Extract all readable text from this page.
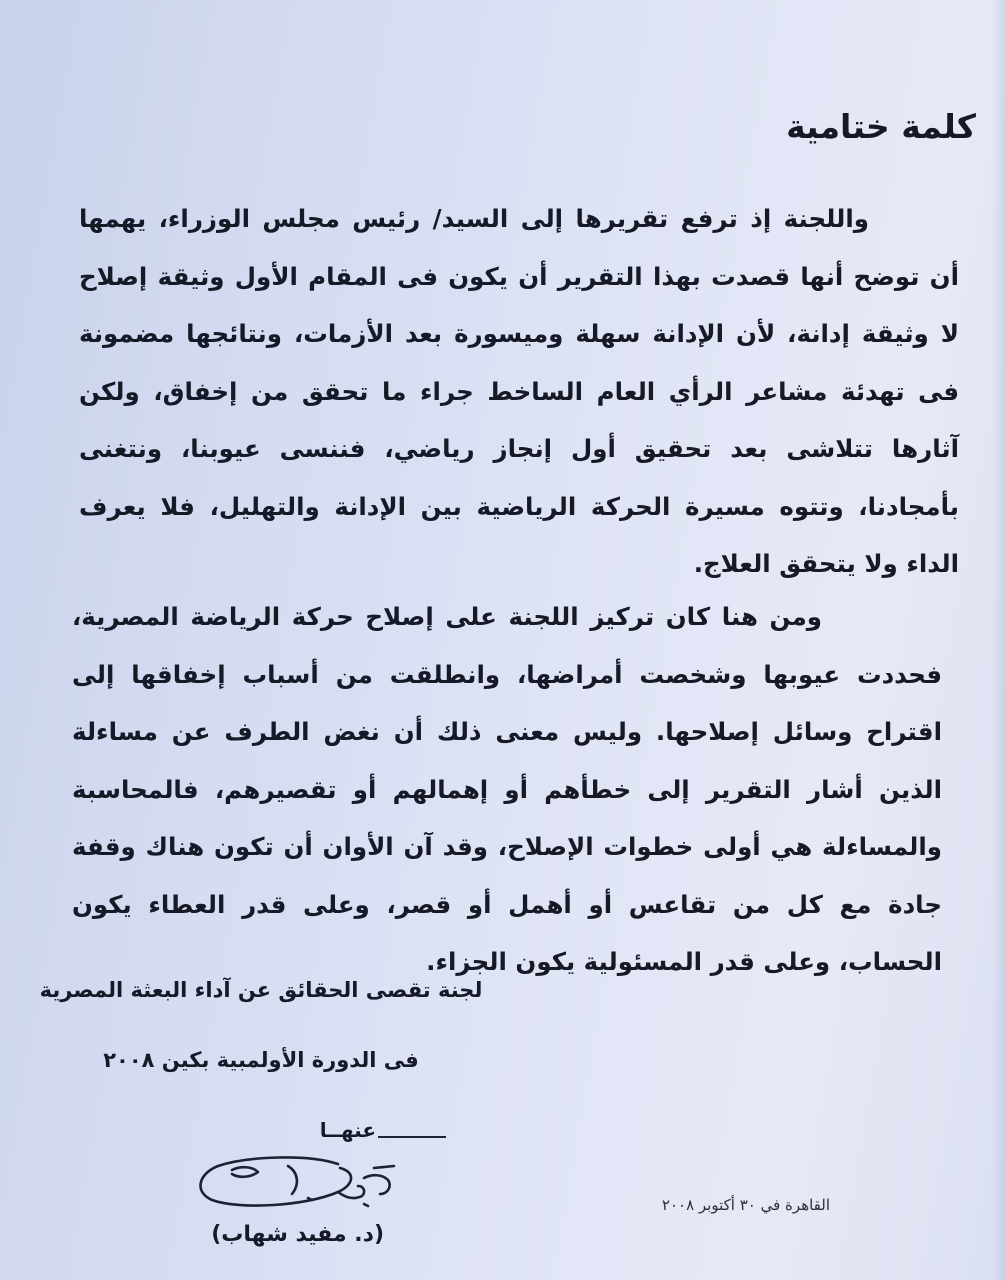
كلمة ختامية

واللجنة إذ ترفع تقريرها إلى السيد/ رئيس مجلس الوزراء، يهمها أن توضح أنها قصدت بهذا التقرير أن يكون فى المقام الأول وثيقة إصلاح لا وثيقة إدانة، لأن الإدانة سهلة وميسورة بعد الأزمات، ونتائجها مضمونة فى تهدئة مشاعر الرأي العام الساخط جراء ما تحقق من إخفاق، ولكن آثارها تتلاشى بعد تحقيق أول إنجاز رياضي، فننسى عيوبنا، ونتغنى بأمجادنا، وتتوه مسيرة الحركة الرياضية بين الإدانة والتهليل، فلا يعرف الداء ولا يتحقق العلاج.

ومن هنا كان تركيز اللجنة على إصلاح حركة الرياضة المصرية، فحددت عيوبها وشخصت أمراضها، وانطلقت من أسباب إخفاقها إلى اقتراح وسائل إصلاحها. وليس معنى ذلك أن نغض الطرف عن مساءلة الذين أشار التقرير إلى خطأهم أو إهمالهم أو تقصيرهم، فالمحاسبة والمساءلة هي أولى خطوات الإصلاح، وقد آن الأوان أن تكون هناك وقفة جادة مع كل من تقاعس أو أهمل أو قصر، وعلى قدر العطاء يكون الحساب، وعلى قدر المسئولية يكون الجزاء.

لجنة تقصى الحقائق عن آداء البعثة المصرية
فى الدورة الأولمبية بكين ٢٠٠٨
عنهــا
(د. مفيد شهاب)
القاهرة في ٣٠ أكتوبر ٢٠٠٨
